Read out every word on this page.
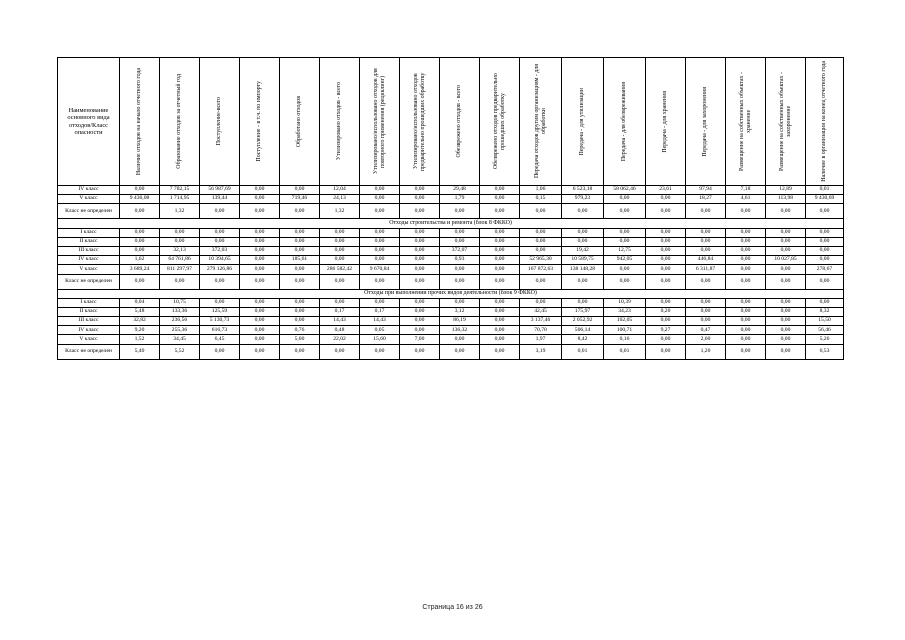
Наименование основного вида отходов/Класс опасности	Наличие отходов на начало отчетного года	Образование отходов за отчетный год	Поступление-всего	Поступление - в т.ч. по импорту	Обработано отходов	Утилизировано отходов - всего	Утилизировано/использовано отходов для повторного применения (рециклинг)	Утилизировано/использовано отходов предварительно прошедших обработку	Обезврежено отходов - всего	Обезврежено отходов предварительно прошедших обработку	Передача отходов другим организациям - для обработки	Передача - для утилизации	Передача - для обезвреживания	Передача - для хранения	Передача - для захоронения	Размещение на собственных объектах - хранение	Размещение на собственных объектах - захоронение	Наличие в организации на конец отчетного года

IV класс	0,00	7 782,15	56 987,69	0,00	0,00	12,04	0,00	0,00	29,48	0,00	1,06	6 523,18	58 062,46	23,61	97,94	7,18	12,89	0,01
V класс	9 436,08	1 714,95	139,44	0,00	719,46	24,13	0,00	0,00	1,79	0,00	0,15	979,23	0,00	0,00	18,27	4,61	113,98	9 430,69
Класс не определен	0,00	1,32	0,00	0,00	0,00	1,32	0,00	0,00	0,00	0,00	0,00	0,00	0,00	0,00	0,00	0,00	0,00	0,00
Отходы строительства и ремонта (блок 8 ФККО)																		
I класс	0,00	0,00	0,00	0,00	0,00	0,00	0,00	0,00	0,00	0,00	0,00	0,00	0,00	0,00	0,00	0,00	0,00	0,00
II класс	0,00	0,00	0,00	0,00	0,00	0,00	0,00	0,00	0,00	0,00	0,00	0,00	0,00	0,00	0,00	0,00	0,00	0,00
III класс	0,00	32,13	372,03	0,00	0,00	0,00	0,00	0,00	372,07	0,00	0,00	19,42	12,75	0,00	0,00	0,00	0,00	0,00
IV класс	1,62	64 761,86	10 394,65	0,00	185,61	0,00	0,00	0,00	0,93	0,00	52 965,30	10 589,75	942,05	0,00	446,84	0,00	10 027,85	0,00
V класс	3 689,24	811 297,97	279 126,86	0,00	0,00	286 582,42	9 670,84	0,00	0,00	0,00	167 872,63	138 148,28	0,00	0,00	6 311,87	0,00	0,00	278,67
Класс не определен	0,00	0,00	0,00	0,00	0,00	0,00	0,00	0,00	0,00	0,00	0,00	0,00	0,00	0,00	0,00	0,00	0,00	0,00
Отходы при выполнении прочих видов деятельности (блок 9 ФККО)																		
I класс	0,04	10,75	0,00	0,00	0,00	0,00	0,00	0,00	0,00	0,00	0,00	0,00	10,39	0,00	0,00	0,00	0,00	0,00
II класс	5,48	133,36	125,59	0,00	0,00	0,17	0,17	0,00	3,12	0,00	42,45	175,97	34,23	0,20	0,00	0,00	0,00	8,32
III класс	32,82	236,56	5 130,73	0,00	0,00	14,43	14,43	0,00	86,19	0,00	3 137,46	2 052,92	102,05	0,06	0,00	0,00	0,00	15,50
IV класс	9,20	255,36	616,73	0,00	0,76	0,48	0,05	0,00	136,32	0,00	70,70	506,14	100,71	9,27	0,47	0,00	0,00	56,46
V класс	1,52	34,45	6,45	0,00	5,00	22,02	15,60	7,00	0,00	0,00	1,97	8,42	0,16	0,00	2,60	0,00	0,00	5,26
Класс не определен	5,40	5,52	0,00	0,00	0,00	0,00	0,00	0,00	0,00	0,00	3,19	0,01	0,01	0,00	1,20	0,00	0,00	6,53
Страница 16 из 26
